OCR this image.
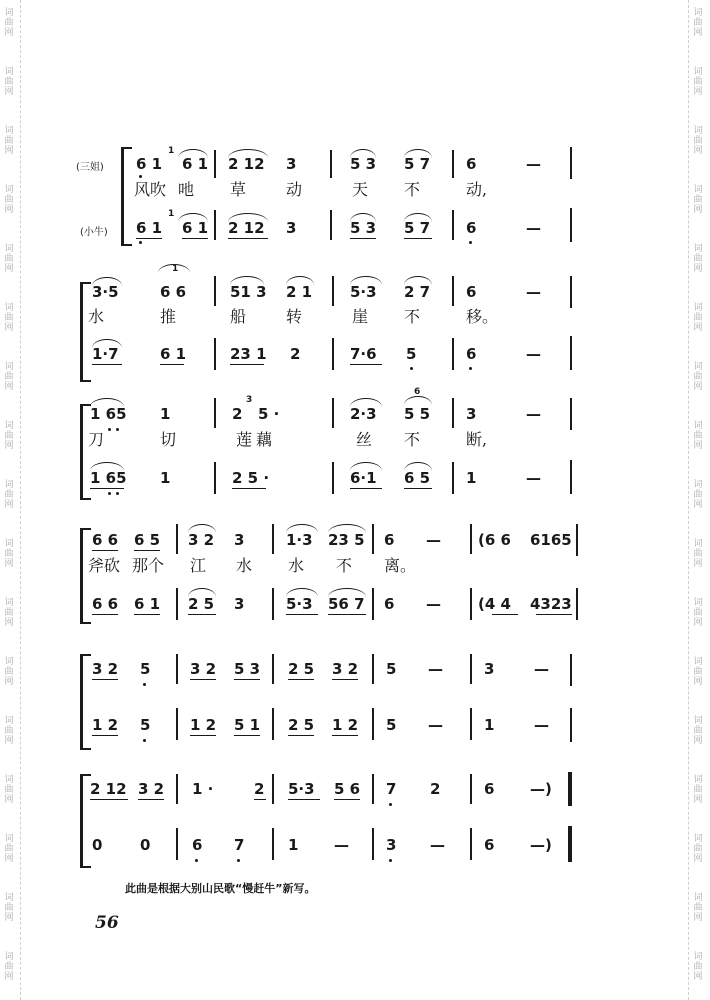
词
曲
网
词
曲
网
词
曲
网
词
曲
网
词
曲
网
词
曲
网
词
曲
网
词
曲
网
词
曲
网
词
曲
网
词
曲
网
词
曲
网
词
曲
网
词
曲
网
词
曲
网
词
曲
网
词
曲
网
词
曲
网
词
曲
网
词
曲
网
词
曲
网
词
曲
网
词
曲
网
词
曲
网
词
曲
网
词
曲
网
词
曲
网
词
曲
网
词
曲
网
词
曲
网
词
曲
网
词
曲
网
词
曲
网
词
曲
网
(三姐)
(小牛)
6 1
1
6 1 2 12 3	5 3 5 7 6	—
风吹 吔 草 动	天 不	动,
6 1
1
6 1 2 12 3	5 3 5 7 6	—
3·5
1
6 6	51 3 2 1	5·3 2 7 6	—
水	推	船 转	崖 不	移。
1·7	6 1	23 1 2	7·6 5	6	—
1 65 1	2
3
5 ·	2·3
6
5 5 3	—
刀	切	莲藕	丝 不	断,
1 65 1	2 5 ·	6·1 6 5 1	—
6 6 6 5 3 2 3	1·3 23 5 6 — (6 6 6165
斧砍 那个 江 水 水 不 离。
6 6 6 1 2 5 3	5·3 56 7 6 — (4 4 4323
3 2 5	3 2 5 3 2 5 3 2 5 —	3	—
1 2 5	1 2 5 1 2 5 1 2 5 —	1	—
2 12 3 2 1 ·	2 5·3 5 6 7 2	6 —)
0	0	6 7	1 — 3 —	6 —)
此曲是根据大别山民歌“慢赶牛”新写。
56
